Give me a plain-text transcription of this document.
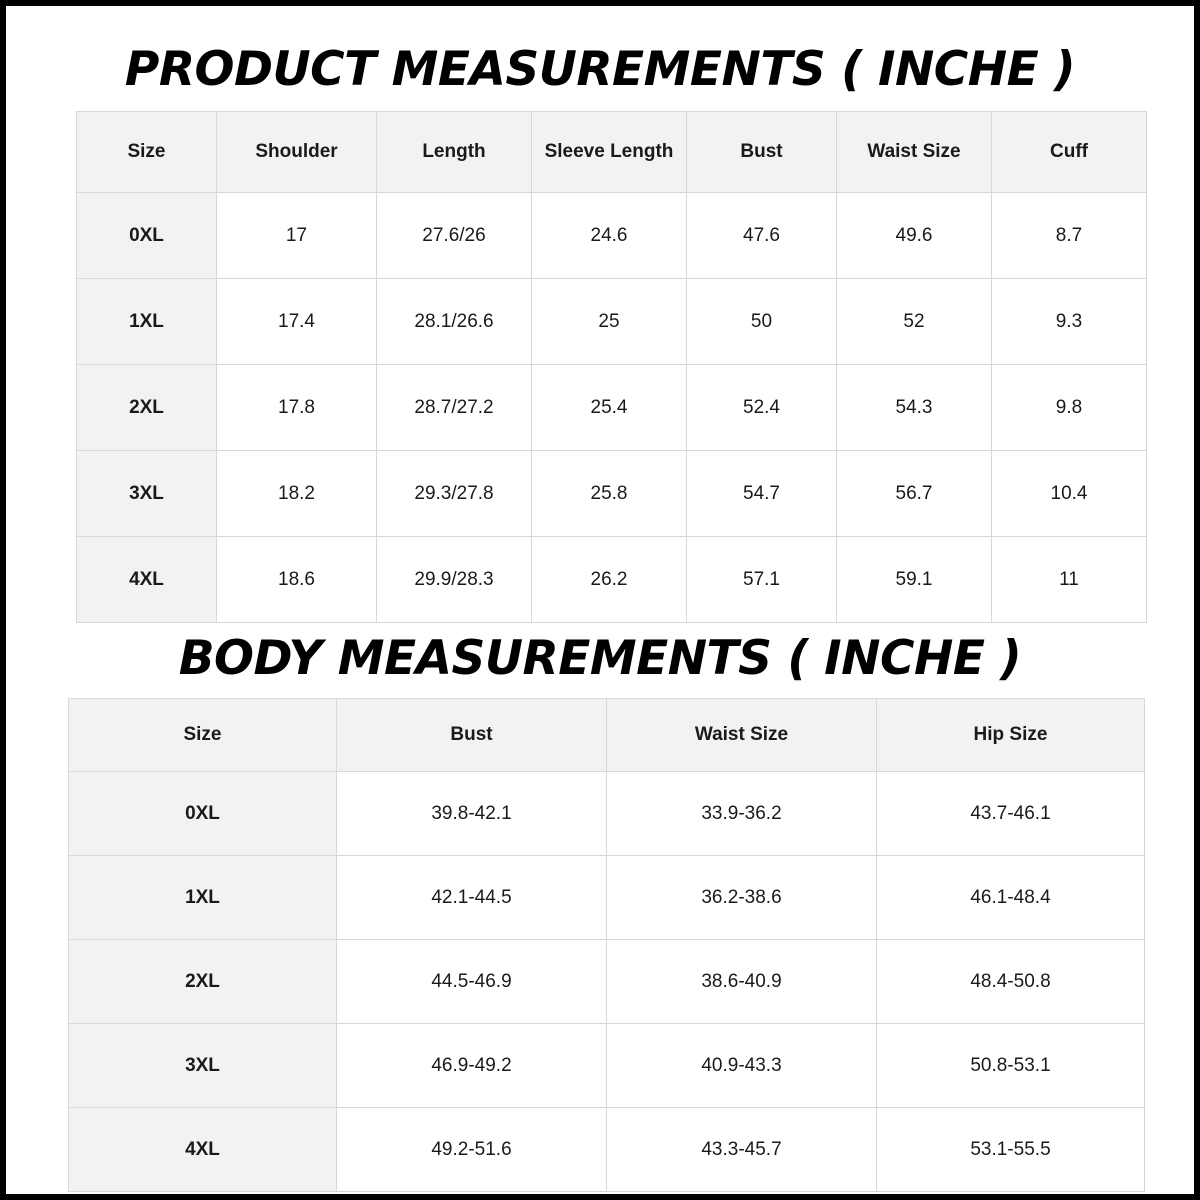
PRODUCT MEASUREMENTS ( INCHE )
Size	Shoulder	Length	Sleeve Length	Bust	Waist Size	Cuff
0XL	17	27.6/26	24.6	47.6	49.6	8.7
1XL	17.4	28.1/26.6	25	50	52	9.3
2XL	17.8	28.7/27.2	25.4	52.4	54.3	9.8
3XL	18.2	29.3/27.8	25.8	54.7	56.7	10.4
4XL	18.6	29.9/28.3	26.2	57.1	59.1	11
BODY MEASUREMENTS ( INCHE )
Size	Bust	Waist Size	Hip Size
0XL	39.8-42.1	33.9-36.2	43.7-46.1
1XL	42.1-44.5	36.2-38.6	46.1-48.4
2XL	44.5-46.9	38.6-40.9	48.4-50.8
3XL	46.9-49.2	40.9-43.3	50.8-53.1
4XL	49.2-51.6	43.3-45.7	53.1-55.5
